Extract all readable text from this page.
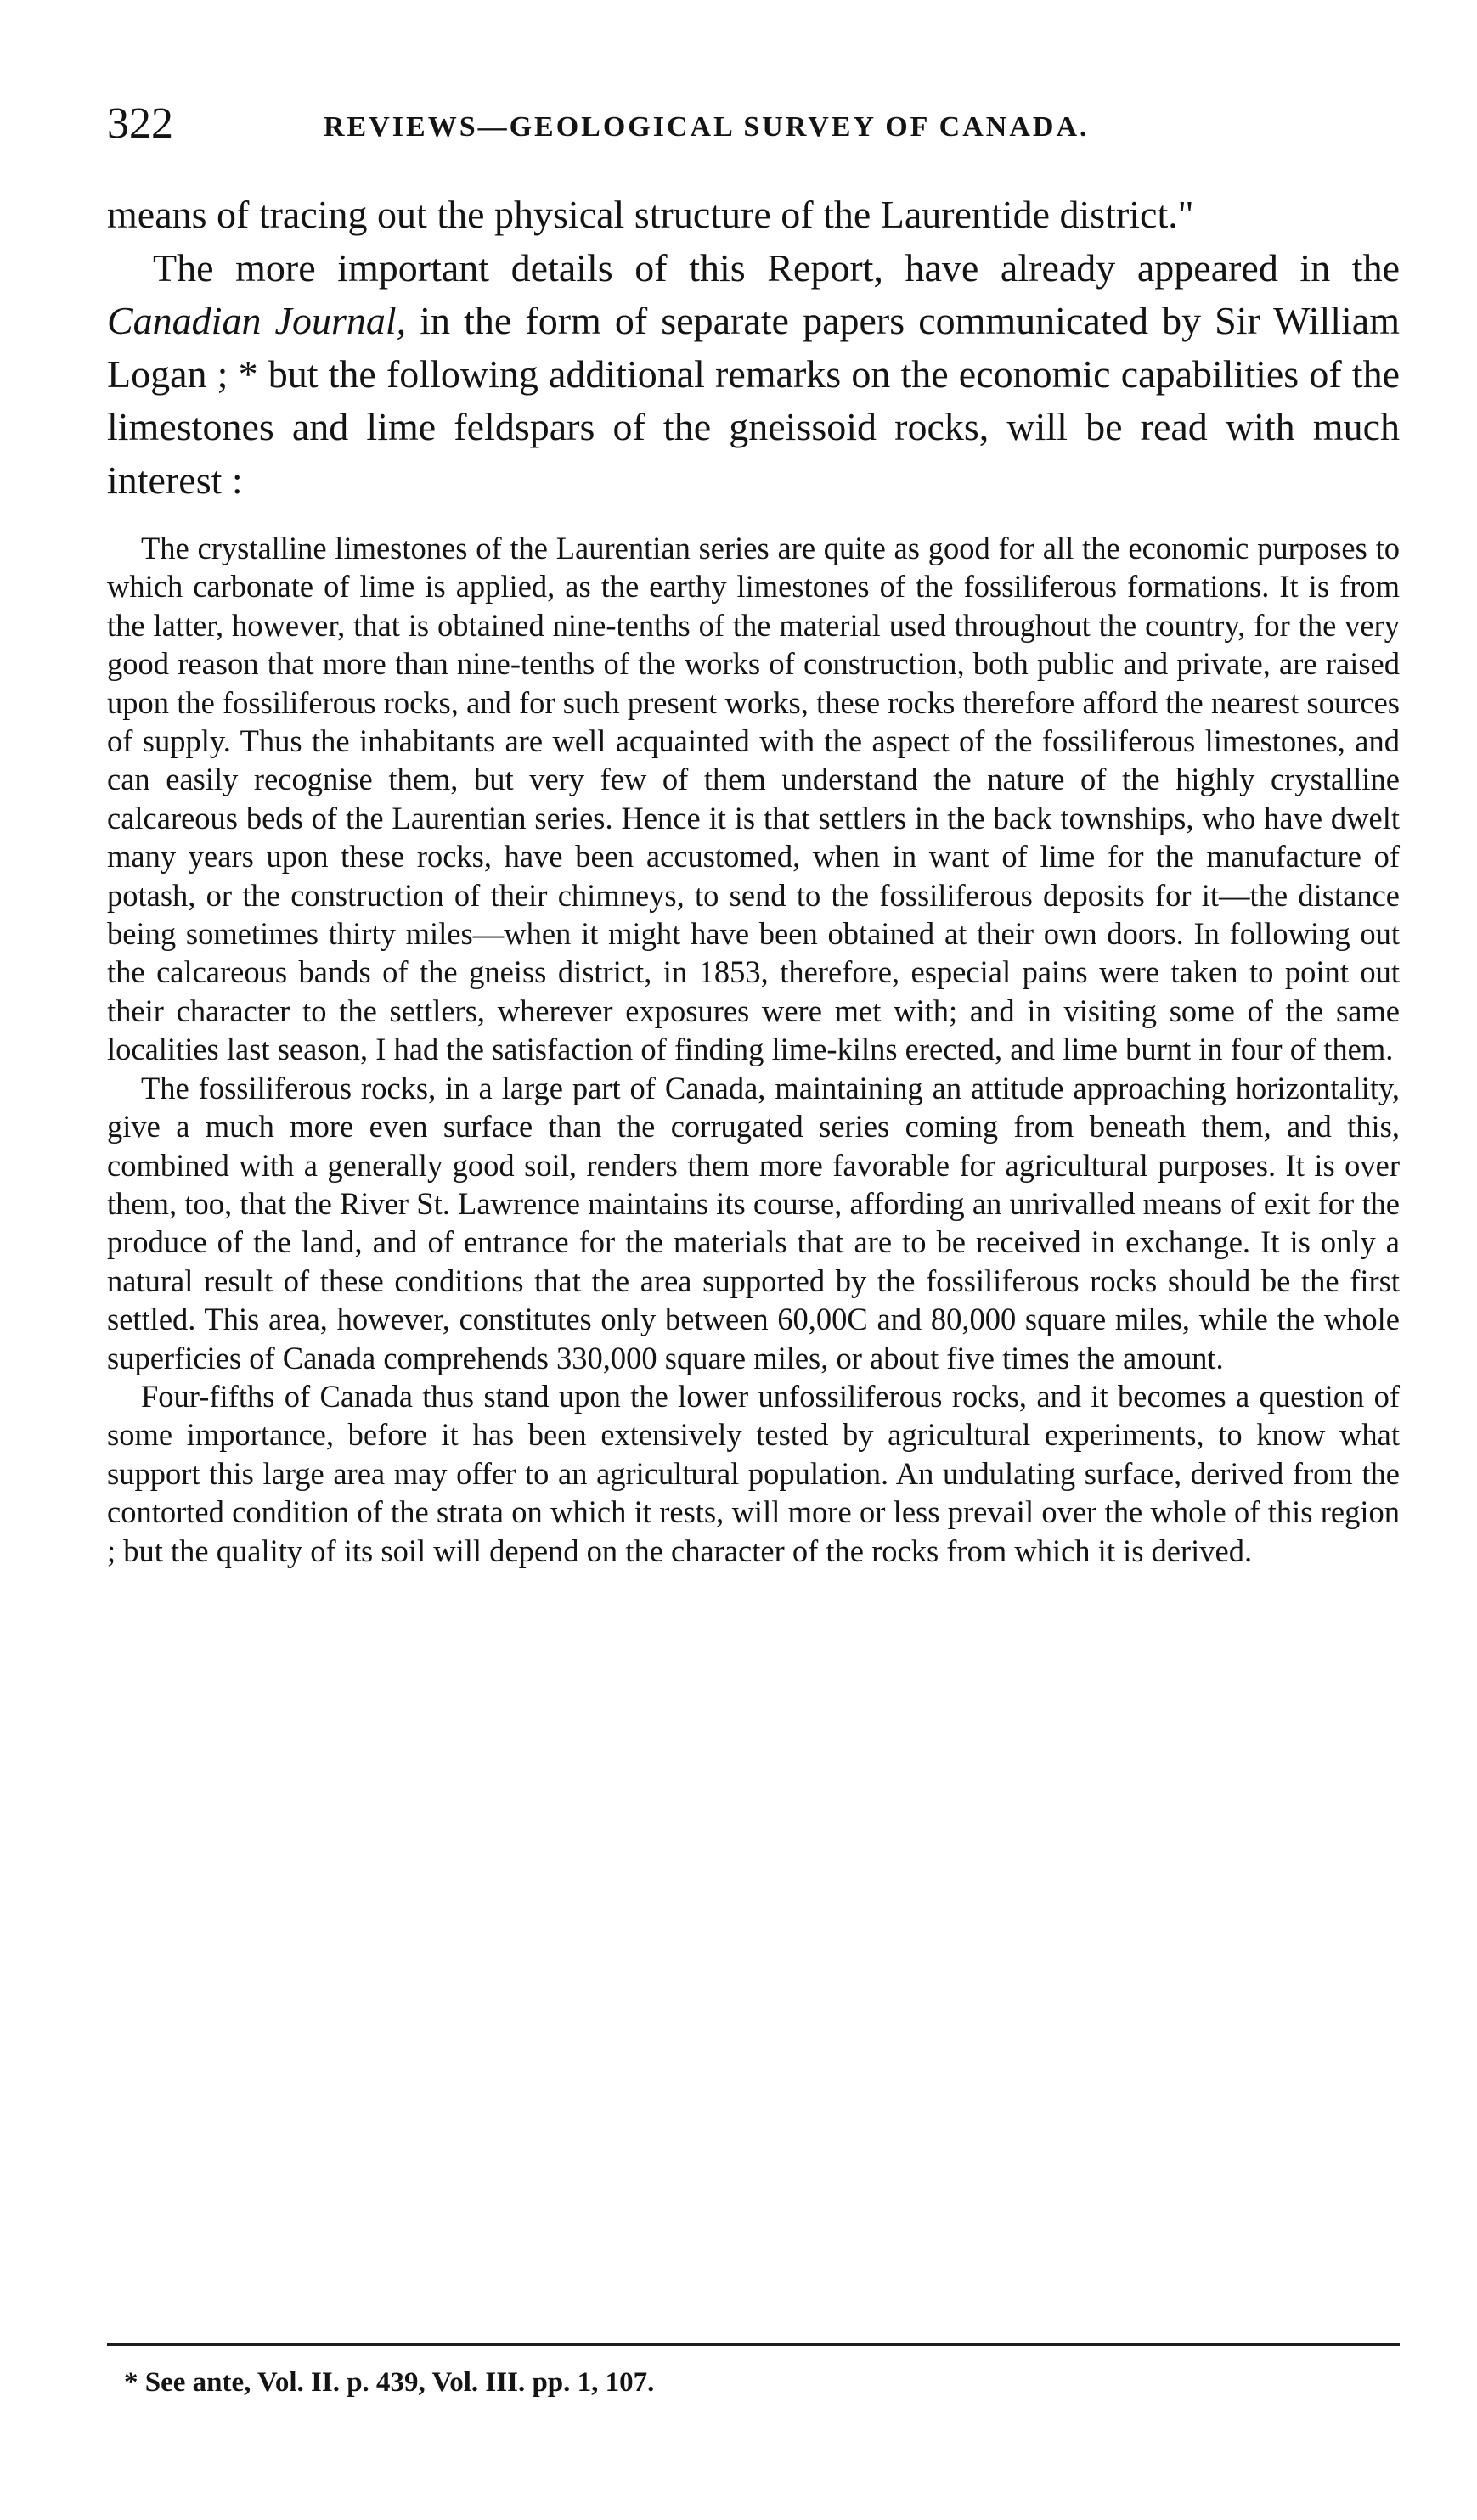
322	REVIEWS—GEOLOGICAL SURVEY OF CANADA.

means of tracing out the physical structure of the Laurentide district."

The more important details of this Report, have already appeared in the Canadian Journal, in the form of separate papers communicated by Sir William Logan ; * but the following additional remarks on the economic capabilities of the limestones and lime feldspars of the gneissoid rocks, will be read with much interest :

The crystalline limestones of the Laurentian series are quite as good for all the economic purposes to which carbonate of lime is applied, as the earthy limestones of the fossiliferous formations. It is from the latter, however, that is obtained nine-tenths of the material used throughout the country, for the very good reason that more than nine-tenths of the works of construction, both public and private, are raised upon the fossiliferous rocks, and for such present works, these rocks therefore afford the nearest sources of supply. Thus the inhabitants are well acquainted with the aspect of the fossiliferous limestones, and can easily recognise them, but very few of them understand the nature of the highly crystalline calcareous beds of the Laurentian series. Hence it is that settlers in the back townships, who have dwelt many years upon these rocks, have been accustomed, when in want of lime for the manufacture of potash, or the construction of their chimneys, to send to the fossiliferous deposits for it—the distance being sometimes thirty miles—when it might have been obtained at their own doors. In following out the calcareous bands of the gneiss district, in 1853, therefore, especial pains were taken to point out their character to the settlers, wherever exposures were met with; and in visiting some of the same localities last season, I had the satisfaction of finding lime-kilns erected, and lime burnt in four of them.

The fossiliferous rocks, in a large part of Canada, maintaining an attitude approaching horizontality, give a much more even surface than the corrugated series coming from beneath them, and this, combined with a generally good soil, renders them more favorable for agricultural purposes. It is over them, too, that the River St. Lawrence maintains its course, affording an unrivalled means of exit for the produce of the land, and of entrance for the materials that are to be received in exchange. It is only a natural result of these conditions that the area supported by the fossiliferous rocks should be the first settled. This area, however, constitutes only between 60,00C and 80,000 square miles, while the whole superficies of Canada comprehends 330,000 square miles, or about five times the amount.

Four-fifths of Canada thus stand upon the lower unfossiliferous rocks, and it becomes a question of some importance, before it has been extensively tested by agricultural experiments, to know what support this large area may offer to an agricultural population. An undulating surface, derived from the contorted condition of the strata on which it rests, will more or less prevail over the whole of this region ; but the quality of its soil will depend on the character of the rocks from which it is derived.

* See ante, Vol. II. p. 439, Vol. III. pp. 1, 107.
